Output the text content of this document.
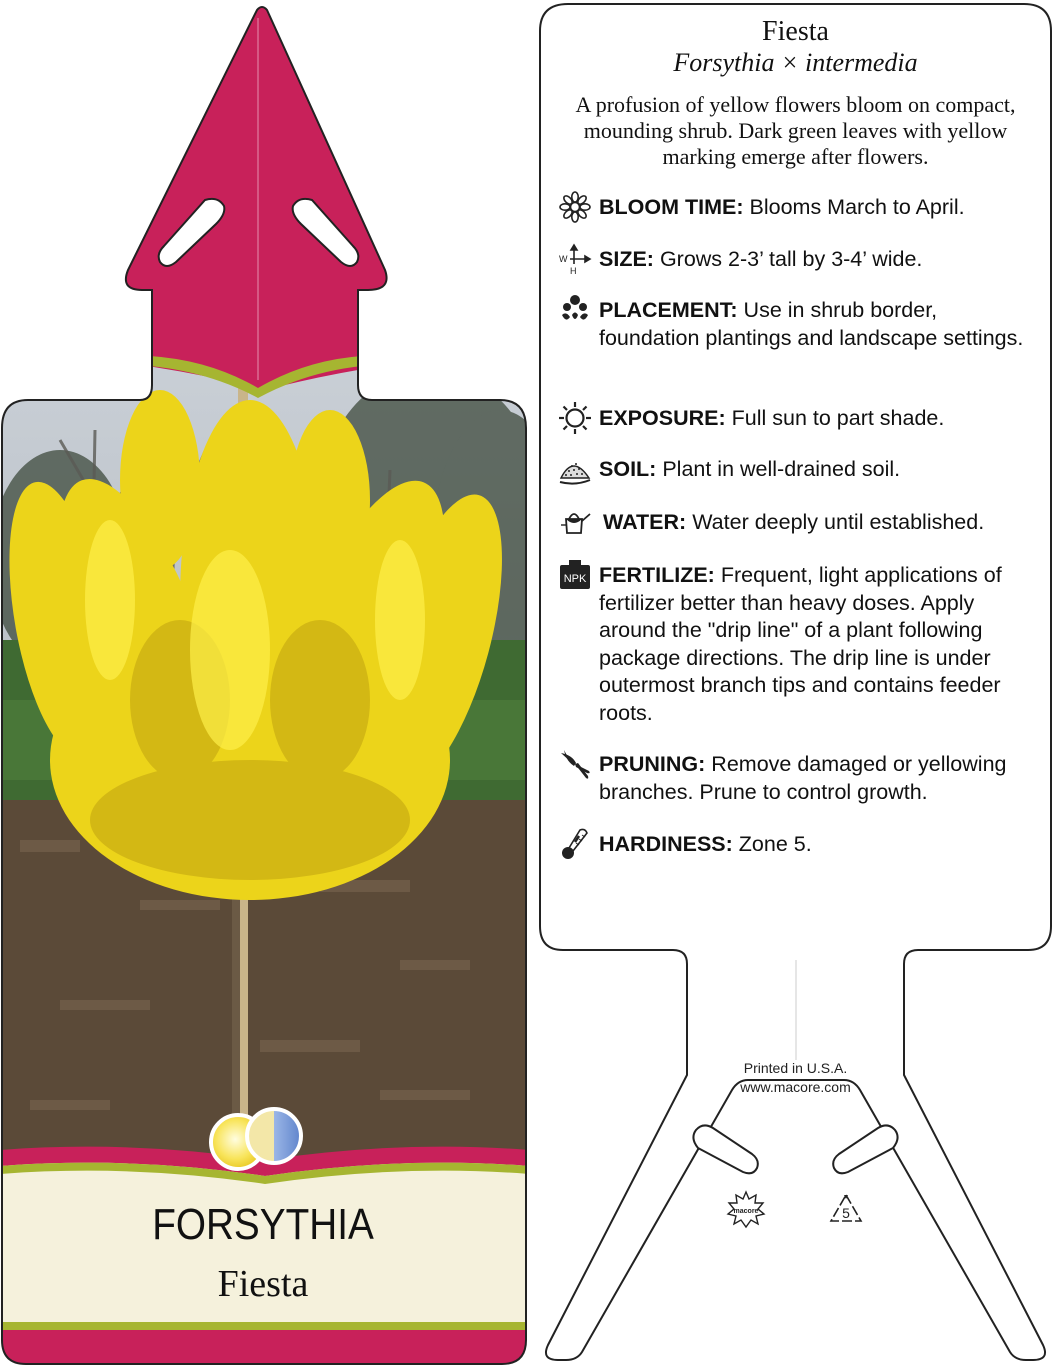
FORSYTHIA
Fiesta
Fiesta
Forsythia × intermedia
A profusion of yellow flowers bloom on compact, mounding shrub. Dark green leaves with yellow marking emerge after flowers.
BLOOM TIME: Blooms March to April.
W
H SIZE: Grows 2-3’ tall by 3-4’ wide.
PLACEMENT: Use in shrub border, foundation plantings and landscape settings.
EXPOSURE: Full sun to part shade.
SOIL: Plant in well-drained soil.
WATER: Water deeply until established.
NPK FERTILIZE: Frequent, light applications of fertilizer better than heavy doses. Apply around the "drip line" of a plant following package directions. The drip line is under outermost branch tips and contains feeder roots.
PRUNING: Remove damaged or yellowing branches. Prune to control growth.
HARDINESS: Zone 5.
Printed in U.S.A.
www.macore.com
macore	5
